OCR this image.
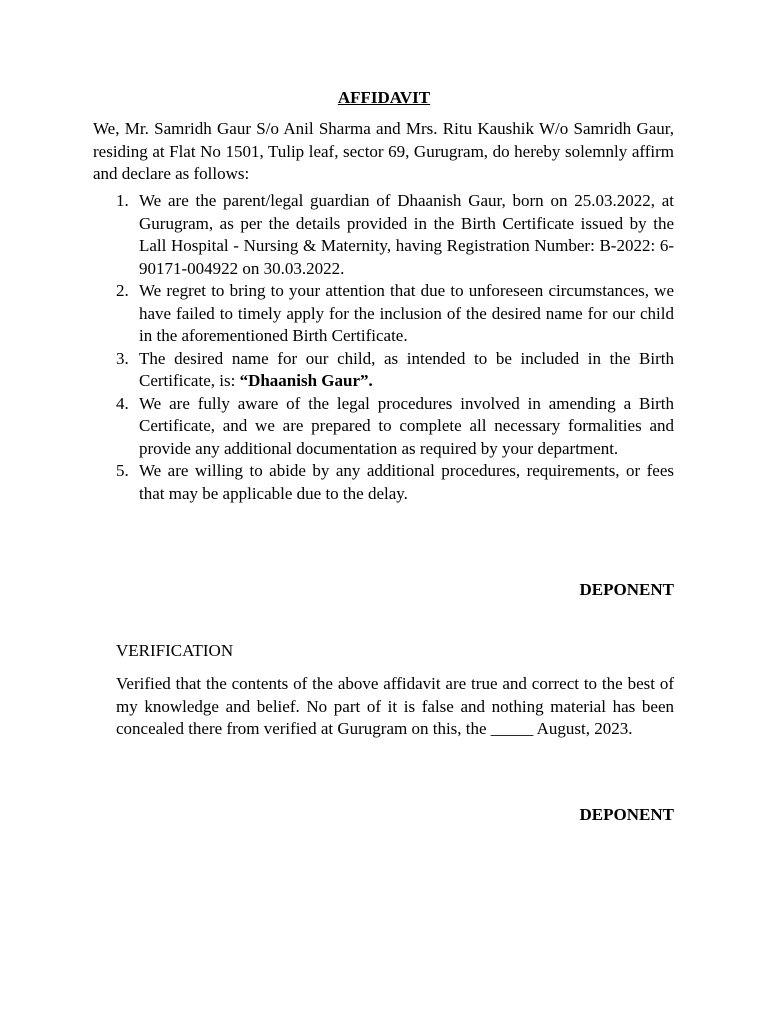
AFFIDAVIT

We, Mr. Samridh Gaur S/o Anil Sharma and Mrs. Ritu Kaushik W/o Samridh Gaur, residing at Flat No 1501, Tulip leaf, sector 69, Gurugram, do hereby solemnly affirm and declare as follows:

1. We are the parent/legal guardian of Dhaanish Gaur, born on 25.03.2022, at Gurugram, as per the details provided in the Birth Certificate issued by the Lall Hospital - Nursing & Maternity, having Registration Number: B-2022: 6-90171-004922 on 30.03.2022.
2. We regret to bring to your attention that due to unforeseen circumstances, we have failed to timely apply for the inclusion of the desired name for our child in the aforementioned Birth Certificate.
3. The desired name for our child, as intended to be included in the Birth Certificate, is: “Dhaanish Gaur”.
4. We are fully aware of the legal procedures involved in amending a Birth Certificate, and we are prepared to complete all necessary formalities and provide any additional documentation as required by your department.
5. We are willing to abide by any additional procedures, requirements, or fees that may be applicable due to the delay.
DEPONENT
VERIFICATION

Verified that the contents of the above affidavit are true and correct to the best of my knowledge and belief. No part of it is false and nothing material has been concealed there from verified at Gurugram on this, the _____ August, 2023.

DEPONENT
